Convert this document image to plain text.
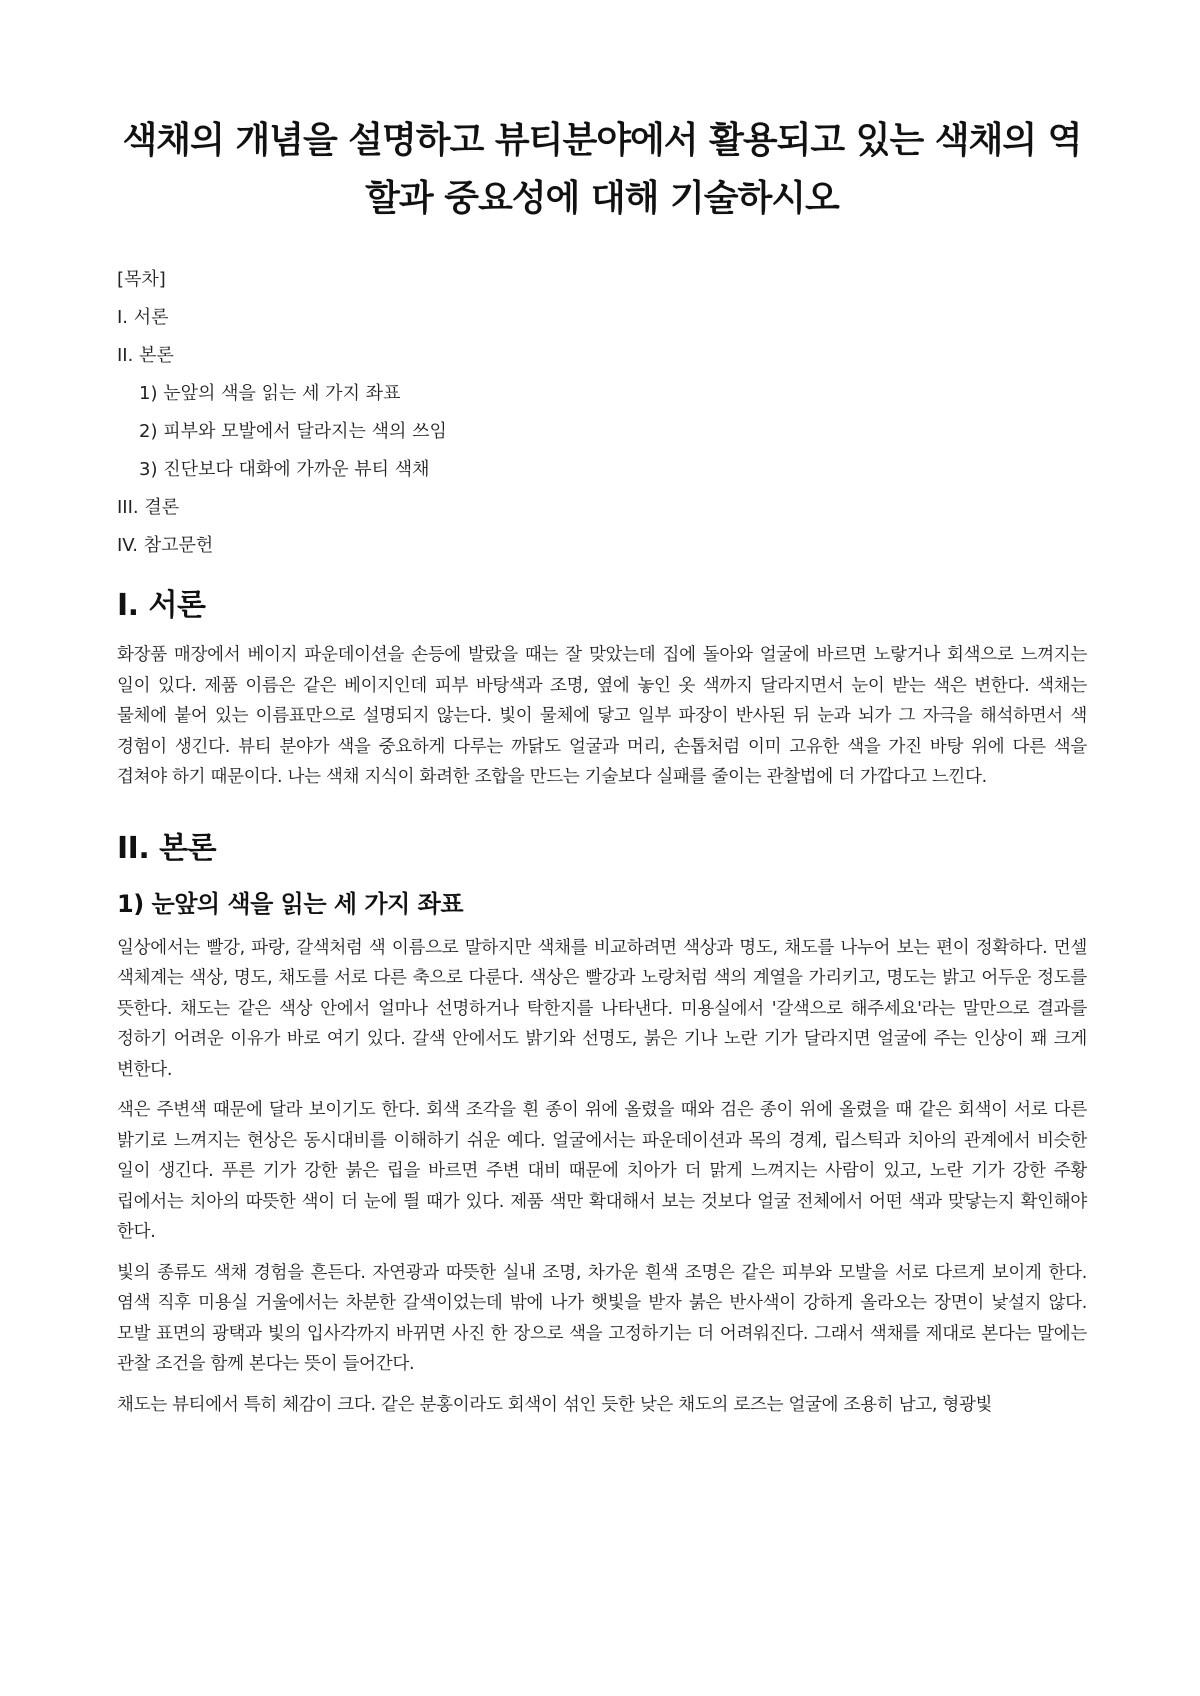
색채의 개념을 설명하고 뷰티분야에서 활용되고 있는 색채의 역할과 중요성에 대해 기술하시오
[목차]
I. 서론
II. 본론
1) 눈앞의 색을 읽는 세 가지 좌표
2) 피부와 모발에서 달라지는 색의 쓰임
3) 진단보다 대화에 가까운 뷰티 색채
III. 결론
IV. 참고문헌
I. 서론

화장품 매장에서 베이지 파운데이션을 손등에 발랐을 때는 잘 맞았는데 집에 돌아와 얼굴에 바르면 노랗거나 회색으로 느껴지는 일이 있다. 제품 이름은 같은 베이지인데 피부 바탕색과 조명, 옆에 놓인 옷 색까지 달라지면서 눈이 받는 색은 변한다. 색채는 물체에 붙어 있는 이름표만으로 설명되지 않는다. 빛이 물체에 닿고 일부 파장이 반사된 뒤 눈과 뇌가 그 자극을 해석하면서 색 경험이 생긴다. 뷰티 분야가 색을 중요하게 다루는 까닭도 얼굴과 머리, 손톱처럼 이미 고유한 색을 가진 바탕 위에 다른 색을 겹쳐야 하기 때문이다. 나는 색채 지식이 화려한 조합을 만드는 기술보다 실패를 줄이는 관찰법에 더 가깝다고 느낀다.

II. 본론
1) 눈앞의 색을 읽는 세 가지 좌표

일상에서는 빨강, 파랑, 갈색처럼 색 이름으로 말하지만 색채를 비교하려면 색상과 명도, 채도를 나누어 보는 편이 정확하다. 먼셀 색체계는 색상, 명도, 채도를 서로 다른 축으로 다룬다. 색상은 빨강과 노랑처럼 색의 계열을 가리키고, 명도는 밝고 어두운 정도를 뜻한다. 채도는 같은 색상 안에서 얼마나 선명하거나 탁한지를 나타낸다. 미용실에서 '갈색으로 해주세요'라는 말만으로 결과를 정하기 어려운 이유가 바로 여기 있다. 갈색 안에서도 밝기와 선명도, 붉은 기나 노란 기가 달라지면 얼굴에 주는 인상이 꽤 크게 변한다.

색은 주변색 때문에 달라 보이기도 한다. 회색 조각을 흰 종이 위에 올렸을 때와 검은 종이 위에 올렸을 때 같은 회색이 서로 다른 밝기로 느껴지는 현상은 동시대비를 이해하기 쉬운 예다. 얼굴에서는 파운데이션과 목의 경계, 립스틱과 치아의 관계에서 비슷한 일이 생긴다. 푸른 기가 강한 붉은 립을 바르면 주변 대비 때문에 치아가 더 맑게 느껴지는 사람이 있고, 노란 기가 강한 주황 립에서는 치아의 따뜻한 색이 더 눈에 띌 때가 있다. 제품 색만 확대해서 보는 것보다 얼굴 전체에서 어떤 색과 맞닿는지 확인해야 한다.

빛의 종류도 색채 경험을 흔든다. 자연광과 따뜻한 실내 조명, 차가운 흰색 조명은 같은 피부와 모발을 서로 다르게 보이게 한다. 염색 직후 미용실 거울에서는 차분한 갈색이었는데 밖에 나가 햇빛을 받자 붉은 반사색이 강하게 올라오는 장면이 낯설지 않다. 모발 표면의 광택과 빛의 입사각까지 바뀌면 사진 한 장으로 색을 고정하기는 더 어려워진다. 그래서 색채를 제대로 본다는 말에는 관찰 조건을 함께 본다는 뜻이 들어간다.

채도는 뷰티에서 특히 체감이 크다. 같은 분홍이라도 회색이 섞인 듯한 낮은 채도의 로즈는 얼굴에 조용히 남고, 형광빛
